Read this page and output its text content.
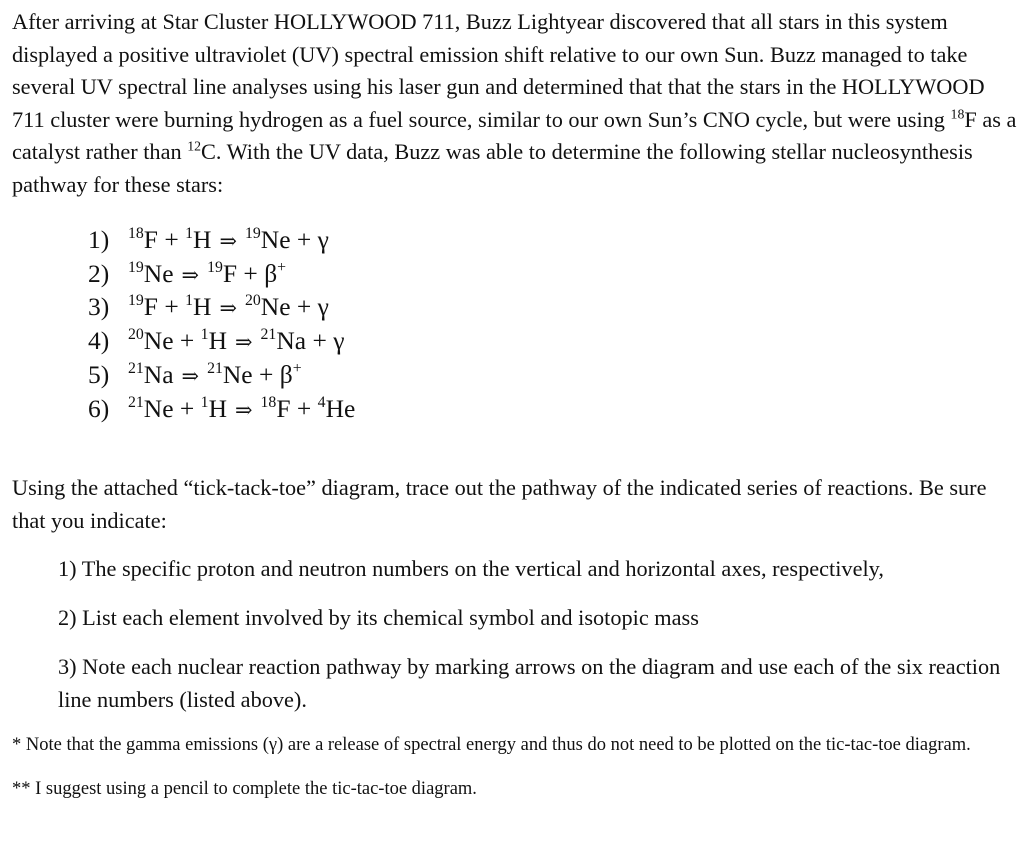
After arriving at Star Cluster HOLLYWOOD 711, Buzz Lightyear discovered that all stars in this system displayed a positive ultraviolet (UV) spectral emission shift relative to our own Sun. Buzz managed to take several UV spectral line analyses using his laser gun and determined that that the stars in the HOLLYWOOD 711 cluster were burning hydrogen as a fuel source, similar to our own Sun’s CNO cycle, but were using $^{18}$F as a catalyst rather than $^{12}$C. With the UV data, Buzz was able to determine the following stellar nucleosynthesis pathway for these stars:

1)	$^{18}$F + $^1$H ⇒ $^{19}$Ne + γ
2)	$^{19}$Ne ⇒ $^{19}$F + β+
3)	$^{19}$F + $^1$H ⇒ $^{20}$Ne + γ
4)	$^{20}$Ne + $^1$H ⇒ $^{21}$Na + γ
5)	$^{21}$Na ⇒ $^{21}$Ne + β+
6)	$^{21}$Ne + $^1$H ⇒ $^{18}$F + $^4$He

Using the attached “tick-tack-toe” diagram, trace out the pathway of the indicated series of reactions. Be sure that you indicate:

1) The specific proton and neutron numbers on the vertical and horizontal axes, respectively,

2) List each element involved by its chemical symbol and isotopic mass

3) Note each nuclear reaction pathway by marking arrows on the diagram and use each of the six reaction line numbers (listed above).

* Note that the gamma emissions (γ) are a release of spectral energy and thus do not need to be plotted on the tic-tac-toe diagram.

** I suggest using a pencil to complete the tic-tac-toe diagram.
